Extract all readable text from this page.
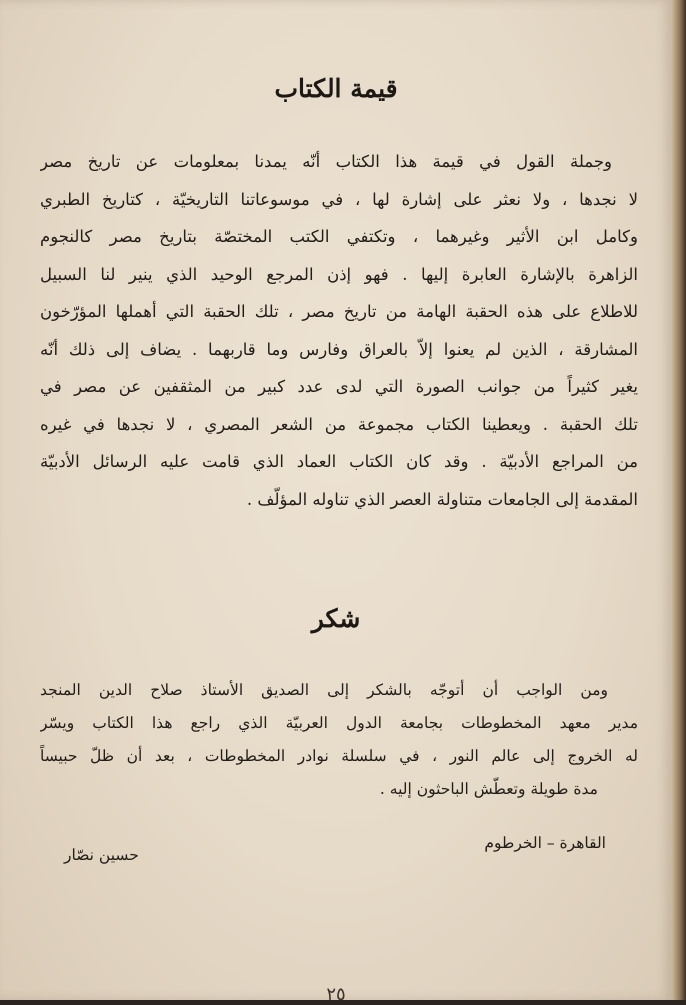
قيمة الكتاب
وجملة القول في قيمة هذا الكتاب أنّه يمدنا بمعلومات عن تاريخ مصر
لا نجدها ، ولا نعثر على إشارة لها ، في موسوعاتنا التاريخيّة ، كتاريخ الطبري
وكامل ابن الأثير وغيرهما ، وتكتفي الكتب المختصّة بتاريخ مصر كالنجوم
الزاهرة بالإشارة العابرة إليها . فهو إذن المرجع الوحيد الذي ينير لنا السبيل
للاطلاع على هذه الحقبة الهامة من تاريخ مصر ، تلك الحقبة التي أهملها المؤرّخون
المشارقة ، الذين لم يعنوا إلاّ بالعراق وفارس وما قاربهما . يضاف إلى ذلك أنّه
يغير كثيراً من جوانب الصورة التي لدى عدد كبير من المثقفين عن مصر في
تلك الحقبة . ويعطينا الكتاب مجموعة من الشعر المصري ، لا نجدها في غيره
من المراجع الأدبيّة . وقد كان الكتاب العماد الذي قامت عليه الرسائل الأدبيّة
المقدمة إلى الجامعات متناولة العصر الذي تناوله المؤلّف .
شكر
ومن الواجب أن أتوجّه بالشكر إلى الصديق الأستاذ صلاح الدين المنجد
مدير معهد المخطوطات بجامعة الدول العربيّة الذي راجع هذا الكتاب ويسّر
له الخروج إلى عالم النور ، في سلسلة نوادر المخطوطات ، بعد أن ظلّ حبيساً
مدة طويلة وتعطّش الباحثون إليه .
القاهرة – الخرطوم
حسين نصّار
٢٥
